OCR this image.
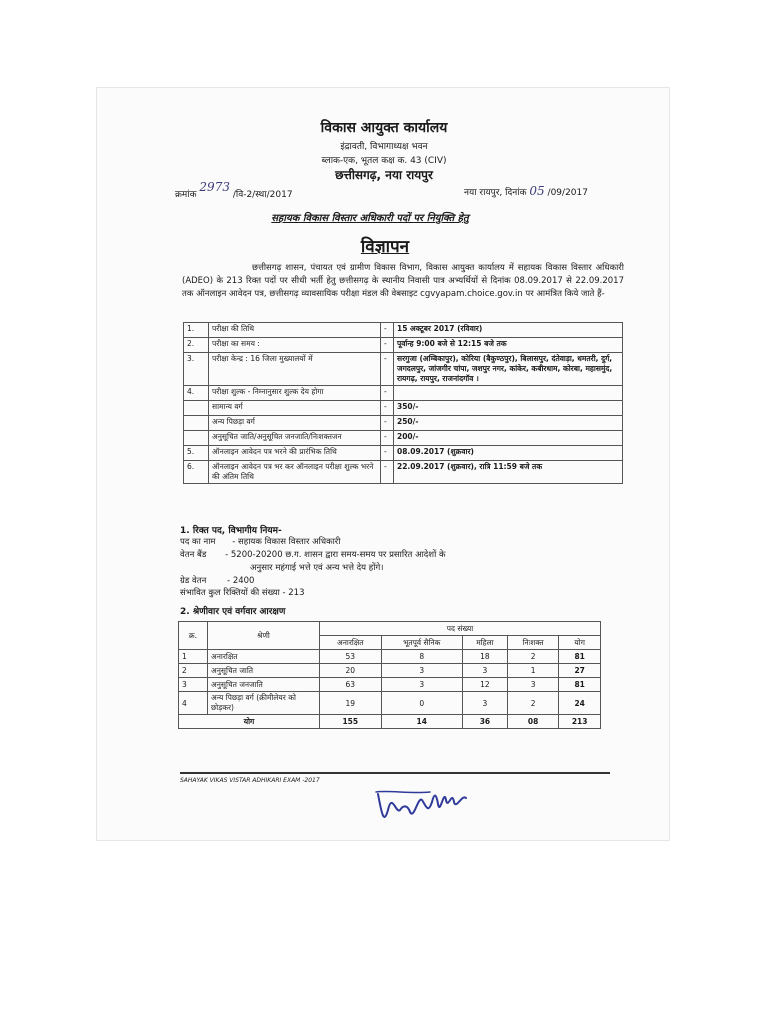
विकास आयुक्त कार्यालय
इंद्रावती, विभागाध्यक्ष भवन
ब्लाक-एक, भूतल कक्ष क. 43 (CIV)
छत्तीसगढ़, नया रायपुर
क्रमांक 2973 /वि-2/स्था/2017	नया रायपुर, दिनांक 05 /09/2017
सहायक विकास विस्तार अधिकारी पदों पर नियुक्ति हेतु
विज्ञापन
छत्तीसगढ़ शासन, पंचायत एवं ग्रामीण विकास विभाग, विकास आयुक्त कार्यालय में सहायक विकास विस्तार अधिकारी (ADEO) के 213 रिक्त पदों पर सीधी भर्ती हेतु छत्तीसगढ़ के स्थानीय निवासी पात्र अभ्यर्थियों से दिनांक 08.09.2017 से 22.09.2017 तक ऑनलाइन आवेदन पत्र, छत्तीसगढ़ व्यावसायिक परीक्षा मंडल की वेबसाइट cgvyapam.choice.gov.in पर आमंत्रित किये जाते हैं-
1.	परीक्षा की तिथि	-	15 अक्टूबर 2017 (रविवार)
2.	परीक्षा का समय :	-	पूर्वान्ह 9:00 बजे से 12:15 बजे तक
3.	परीक्षा केन्द्र : 16 जिला मुख्यालयों में	-	सरगुजा (अम्बिकापुर), कोरिया (बैकुण्ठपुर), बिलासपुर, दंतेवाड़ा, धमतरी, दुर्ग, जगदलपुर, जांजगीर चांपा, जशपुर नगर, कांकेर, कबीरधाम, कोरबा, महासमुंद, रायगढ़, रायपुर, राजनांदगॉव ।
4.	परीक्षा शुल्क - निम्नानुसार शुल्क देय होगा	-	
	सामान्य वर्ग	-	350/-
	अन्य पिछड़ा वर्ग	-	250/-
	अनुसूचित जाति/अनुसूचित जनजाति/निःशक्तजन	-	200/-
5.	ऑनलाइन आवेदन पत्र भरने की प्रारंभिक तिथि	-	08.09.2017 (शुक्रवार)
6.	ऑनलाइन आवेदन पत्र भर कर ऑनलाइन परीक्षा शुल्क भरने की अंतिम तिथि	-	22.09.2017 (शुक्रवार), रात्रि 11:59 बजे तक
1. रिक्त पद, विभागीय नियम-
पद का नाम - सहायक विकास विस्तार अधिकारी
वेतन बैंड - 5200-20200 छ.ग. शासन द्वारा समय-समय पर प्रसारित आदेशों के
अनुसार महंगाई भत्ते एवं अन्य भत्ते देय होंगे।
ग्रेड वेतन - 2400
संभावित कुल रिक्तियों की संख्या - 213
2. श्रेणीवार एवं वर्गवार आरक्षण
क्र.	श्रेणी	पद संख्या				
		अनारक्षित	भूतपूर्व सैनिक	महिला	निःशक्त	योग
1	अनारक्षित	53	8	18	2	81
2	अनुसूचित जाति	20	3	3	1	27
3	अनुसूचित जनजाति	63	3	12	3	81
4	अन्य पिछड़ा वर्ग (क्रीमीलेयर को छोड़कर)	19	0	3	2	24
योग		155	14	36	08	213
SAHAYAK VIKAS VISTAR ADHIKARI EXAM -2017
